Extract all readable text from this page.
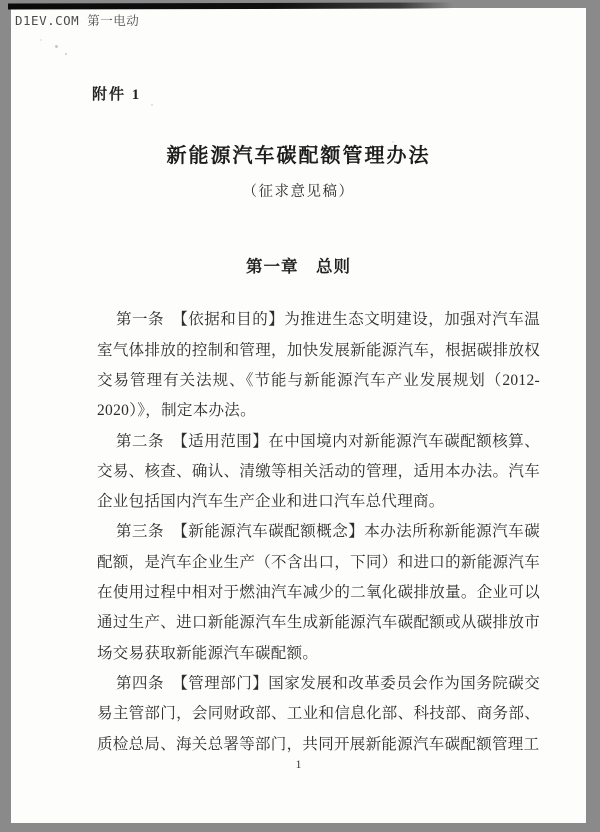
D1EV.COM 第一电动
附件 1
新能源汽车碳配额管理办法
（征求意见稿）
第一章　总则

第一条　【依据和目的】为推进生态文明建设，加强对汽车温室气体排放的控制和管理，加快发展新能源汽车，根据碳排放权交易管理有关法规、《节能与新能源汽车产业发展规划（2012-2020）》，制定本办法。

第二条　【适用范围】在中国境内对新能源汽车碳配额核算、交易、核查、确认、清缴等相关活动的管理，适用本办法。汽车企业包括国内汽车生产企业和进口汽车总代理商。

第三条　【新能源汽车碳配额概念】本办法所称新能源汽车碳配额，是汽车企业生产（不含出口，下同）和进口的新能源汽车在使用过程中相对于燃油汽车减少的二氧化碳排放量。企业可以通过生产、进口新能源汽车生成新能源汽车碳配额或从碳排放市场交易获取新能源汽车碳配额。

第四条　【管理部门】国家发展和改革委员会作为国务院碳交易主管部门，会同财政部、工业和信息化部、科技部、商务部、质检总局、海关总署等部门，共同开展新能源汽车碳配额管理工

1
